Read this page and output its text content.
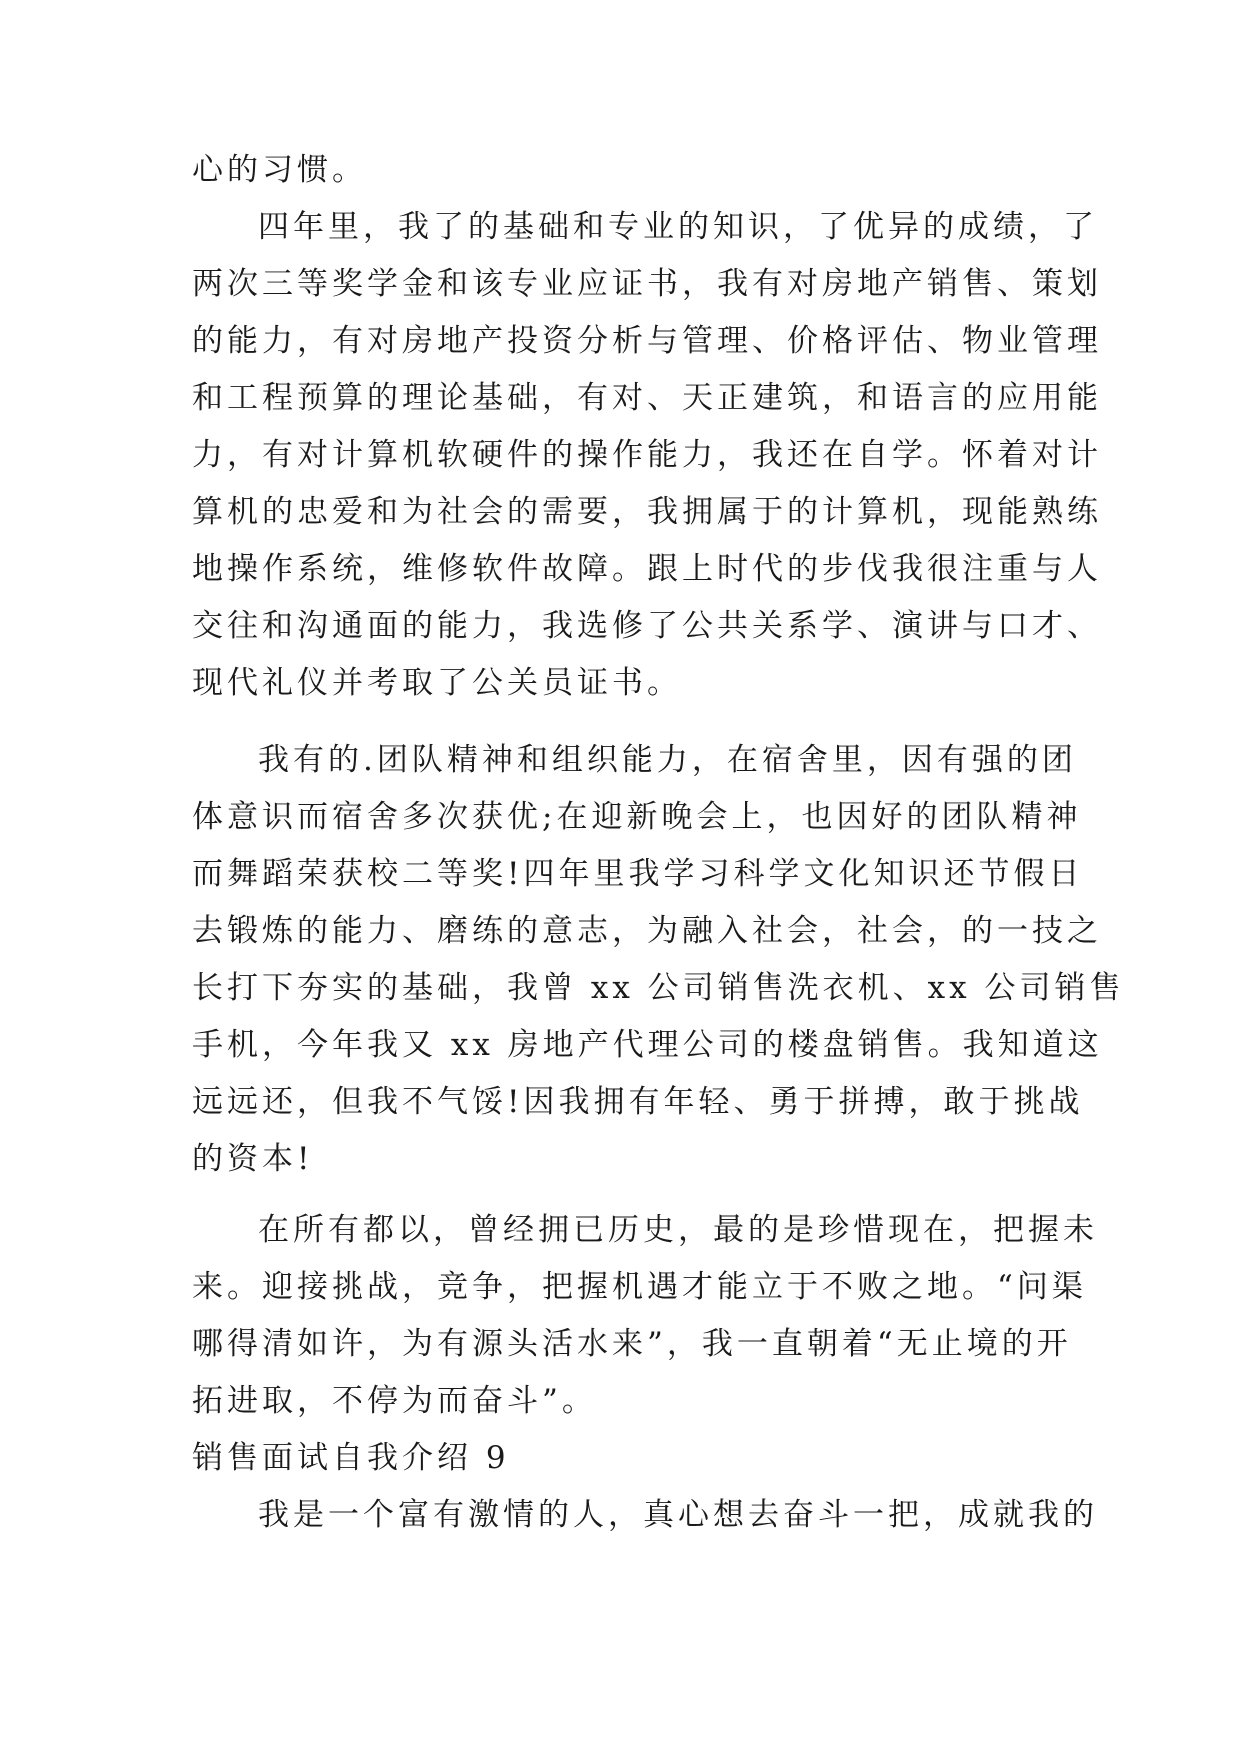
心的习惯。
四年里，我了的基础和专业的知识，了优异的成绩，了
两次三等奖学金和该专业应证书，我有对房地产销售、策划
的能力，有对房地产投资分析与管理、价格评估、物业管理
和工程预算的理论基础，有对、天正建筑，和语言的应用能
力，有对计算机软硬件的操作能力，我还在自学。怀着对计
算机的忠爱和为社会的需要，我拥属于的计算机，现能熟练
地操作系统，维修软件故障。跟上时代的步伐我很注重与人
交往和沟通面的能力，我选修了公共关系学、演讲与口才、
现代礼仪并考取了公关员证书。
我有的.团队精神和组织能力，在宿舍里，因有强的团
体意识而宿舍多次获优;在迎新晚会上，也因好的团队精神
而舞蹈荣获校二等奖!四年里我学习科学文化知识还节假日
去锻炼的能力、磨练的意志，为融入社会，社会，的一技之
长打下夯实的基础，我曾 xx 公司销售洗衣机、xx 公司销售
手机，今年我又 xx 房地产代理公司的楼盘销售。我知道这
远远还，但我不气馁!因我拥有年轻、勇于拼搏，敢于挑战
的资本!
在所有都以，曾经拥已历史，最的是珍惜现在，把握未
来。迎接挑战，竞争，把握机遇才能立于不败之地。“问渠
哪得清如许，为有源头活水来”，我一直朝着“无止境的开
拓进取，不停为而奋斗”。
销售面试自我介绍 9
我是一个富有激情的人，真心想去奋斗一把，成就我的
